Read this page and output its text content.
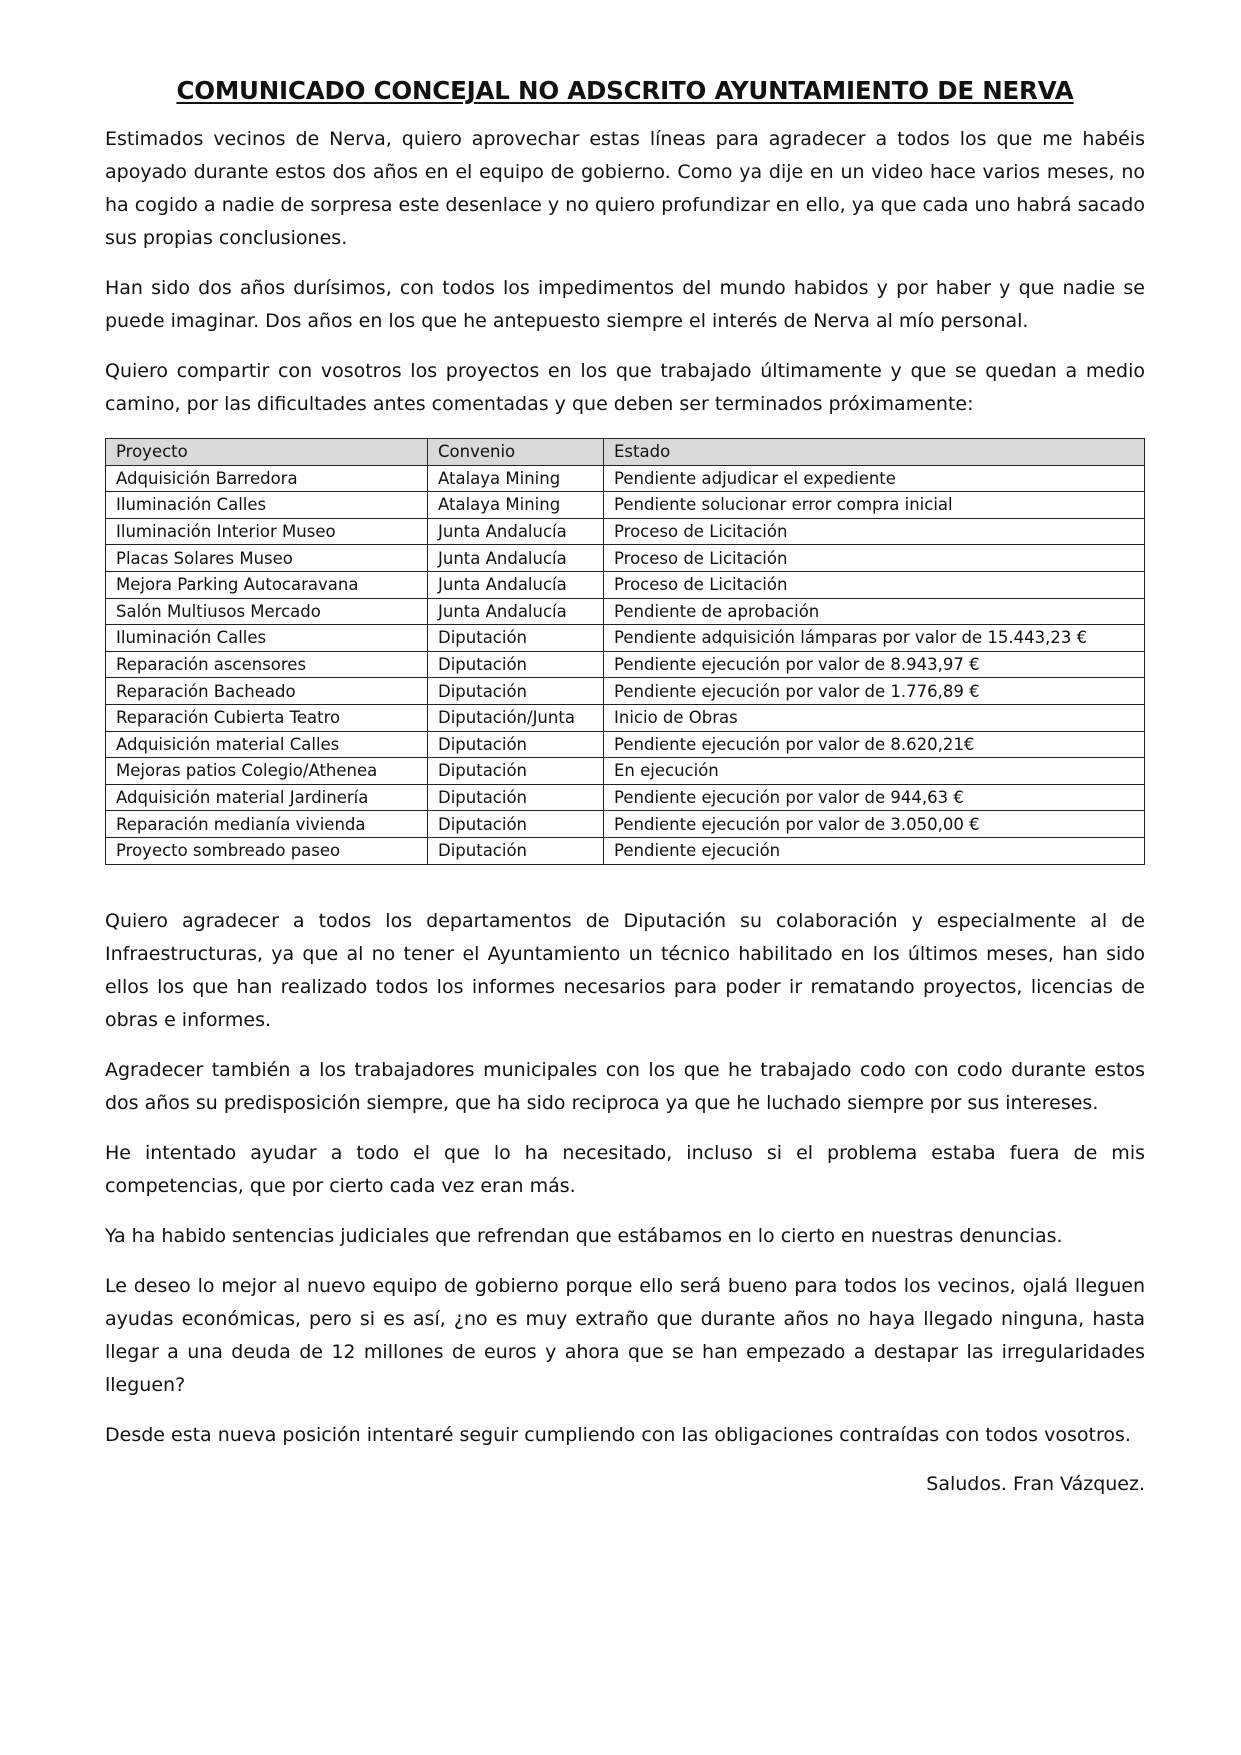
COMUNICADO CONCEJAL NO ADSCRITO AYUNTAMIENTO DE NERVA

Estimados vecinos de Nerva, quiero aprovechar estas líneas para agradecer a todos los que me habéis apoyado durante estos dos años en el equipo de gobierno. Como ya dije en un video hace varios meses, no ha cogido a nadie de sorpresa este desenlace y no quiero profundizar en ello, ya que cada uno habrá sacado sus propias conclusiones.

Han sido dos años durísimos, con todos los impedimentos del mundo habidos y por haber y que nadie se puede imaginar. Dos años en los que he antepuesto siempre el interés de Nerva al mío personal.

Quiero compartir con vosotros los proyectos en los que trabajado últimamente y que se quedan a medio camino, por las dificultades antes comentadas y que deben ser terminados próximamente:

Proyecto	Convenio	Estado
Adquisición Barredora	Atalaya Mining	Pendiente adjudicar el expediente
Iluminación Calles	Atalaya Mining	Pendiente solucionar error compra inicial
Iluminación Interior Museo	Junta Andalucía	Proceso de Licitación
Placas Solares Museo	Junta Andalucía	Proceso de Licitación
Mejora Parking Autocaravana	Junta Andalucía	Proceso de Licitación
Salón Multiusos Mercado	Junta Andalucía	Pendiente de aprobación
Iluminación Calles	Diputación	Pendiente adquisición lámparas por valor de 15.443,23 €
Reparación ascensores	Diputación	Pendiente ejecución por valor de 8.943,97 €
Reparación Bacheado	Diputación	Pendiente ejecución por valor de 1.776,89 €
Reparación Cubierta Teatro	Diputación/Junta	Inicio de Obras
Adquisición material Calles	Diputación	Pendiente ejecución por valor de 8.620,21€
Mejoras patios Colegio/Athenea	Diputación	En ejecución
Adquisición material Jardinería	Diputación	Pendiente ejecución por valor de 944,63 €
Reparación medianía vivienda	Diputación	Pendiente ejecución por valor de 3.050,00 €
Proyecto sombreado paseo	Diputación	Pendiente ejecución

Quiero agradecer a todos los departamentos de Diputación su colaboración y especialmente al de Infraestructuras, ya que al no tener el Ayuntamiento un técnico habilitado en los últimos meses, han sido ellos los que han realizado todos los informes necesarios para poder ir rematando proyectos, licencias de obras e informes.

Agradecer también a los trabajadores municipales con los que he trabajado codo con codo durante estos dos años su predisposición siempre, que ha sido reciproca ya que he luchado siempre por sus intereses.

He intentado ayudar a todo el que lo ha necesitado, incluso si el problema estaba fuera de mis competencias, que por cierto cada vez eran más.

Ya ha habido sentencias judiciales que refrendan que estábamos en lo cierto en nuestras denuncias.

Le deseo lo mejor al nuevo equipo de gobierno porque ello será bueno para todos los vecinos, ojalá lleguen ayudas económicas, pero si es así, ¿no es muy extraño que durante años no haya llegado ninguna, hasta llegar a una deuda de 12 millones de euros y ahora que se han empezado a destapar las irregularidades lleguen?

Desde esta nueva posición intentaré seguir cumpliendo con las obligaciones contraídas con todos vosotros.

Saludos. Fran Vázquez.
